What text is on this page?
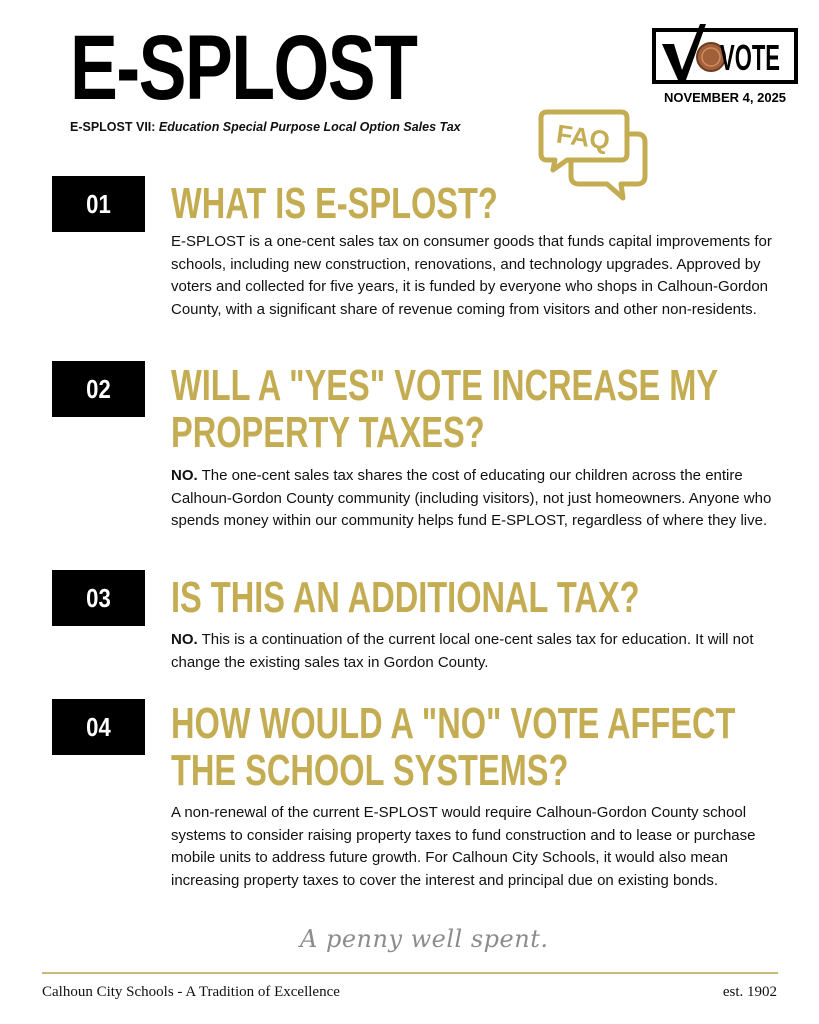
E-SPLOST
E-SPLOST VII: Education Special Purpose Local Option Sales Tax
VOTE
NOVEMBER 4, 2025
FAQ
01	WHAT IS E-SPLOST?

E-SPLOST is a one-cent sales tax on consumer goods that funds capital improvements for schools, including new construction, renovations, and technology upgrades. Approved by voters and collected for five years, it is funded by everyone who shops in Calhoun-Gordon County, with a significant share of revenue coming from visitors and other non-residents.

02	WILL A "YES" VOTE INCREASE MY
PROPERTY TAXES?

NO. The one-cent sales tax shares the cost of educating our children across the entire Calhoun-Gordon County community (including visitors), not just homeowners. Anyone who spends money within our community helps fund E-SPLOST, regardless of where they live.

03	IS THIS AN ADDITIONAL TAX?

NO. This is a continuation of the current local one-cent sales tax for education. It will not change the existing sales tax in Gordon County.

04	HOW WOULD A "NO" VOTE AFFECT
THE SCHOOL SYSTEMS?

A non-renewal of the current E-SPLOST would require Calhoun-Gordon County school systems to consider raising property taxes to fund construction and to lease or purchase mobile units to address future growth. For Calhoun City Schools, it would also mean increasing property taxes to cover the interest and principal due on existing bonds.

A penny well spent.
Calhoun City Schools - A Tradition of Excellence	est. 1902
